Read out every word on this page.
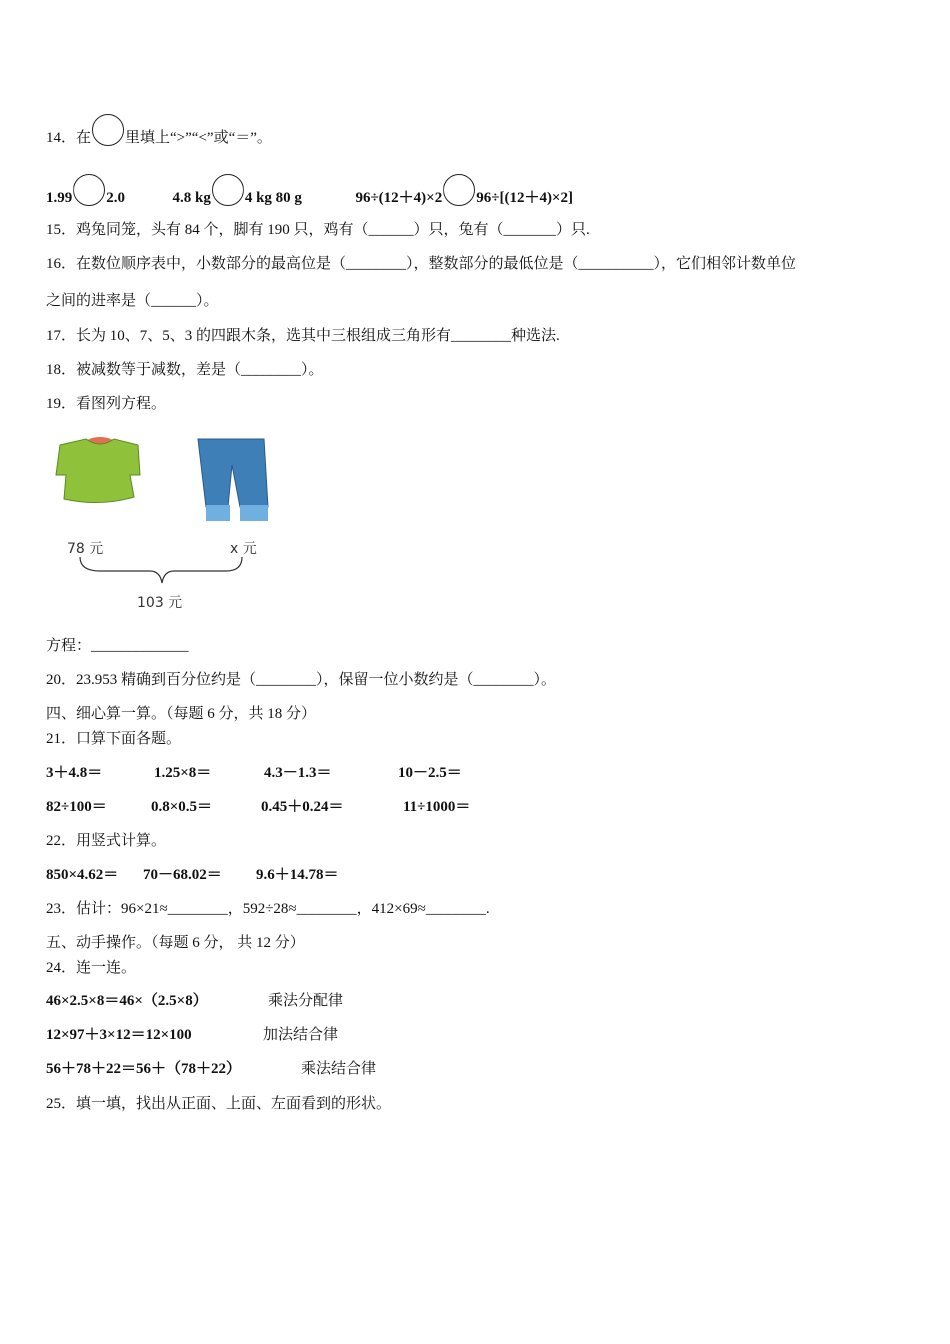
14．在 里填上“>”“<”或“＝”。
1.99 2.0	4.8 kg 4 kg 80 g	96÷(12＋4)×2 96÷[(12＋4)×2]
15．鸡兔同笼，头有 84 个，脚有 190 只，鸡有（______）只，兔有（_______）只.
16．在数位顺序表中，小数部分的最高位是（________），整数部分的最低位是（__________），它们相邻计数单位
之间的进率是（______）。
17．长为 10、7、5、3 的四跟木条，选其中三根组成三角形有________种选法.
18．被减数等于减数，差是（________）。
19．看图列方程。
78 元	x 元
103 元
方程：_____________
20．23.953 精确到百分位约是（________），保留一位小数约是（________）。
四、细心算一算。（每题 6 分，共 18 分）
21．口算下面各题。
3＋4.8＝	1.25×8＝	4.3－1.3＝	10－2.5＝
82÷100＝	0.8×0.5＝	0.45＋0.24＝	11÷1000＝
22．用竖式计算。
850×4.62＝ 70－68.02＝ 9.6＋14.78＝
23．估计：96×21≈________，592÷28≈________，412×69≈________.
五、动手操作。（每题 6 分， 共 12 分）
24．连一连。
46×2.5×8＝46×（2.5×8）	乘法分配律
12×97＋3×12＝12×100	加法结合律
56＋78＋22＝56＋（78＋22）	乘法结合律
25．填一填，找出从正面、上面、左面看到的形状。
